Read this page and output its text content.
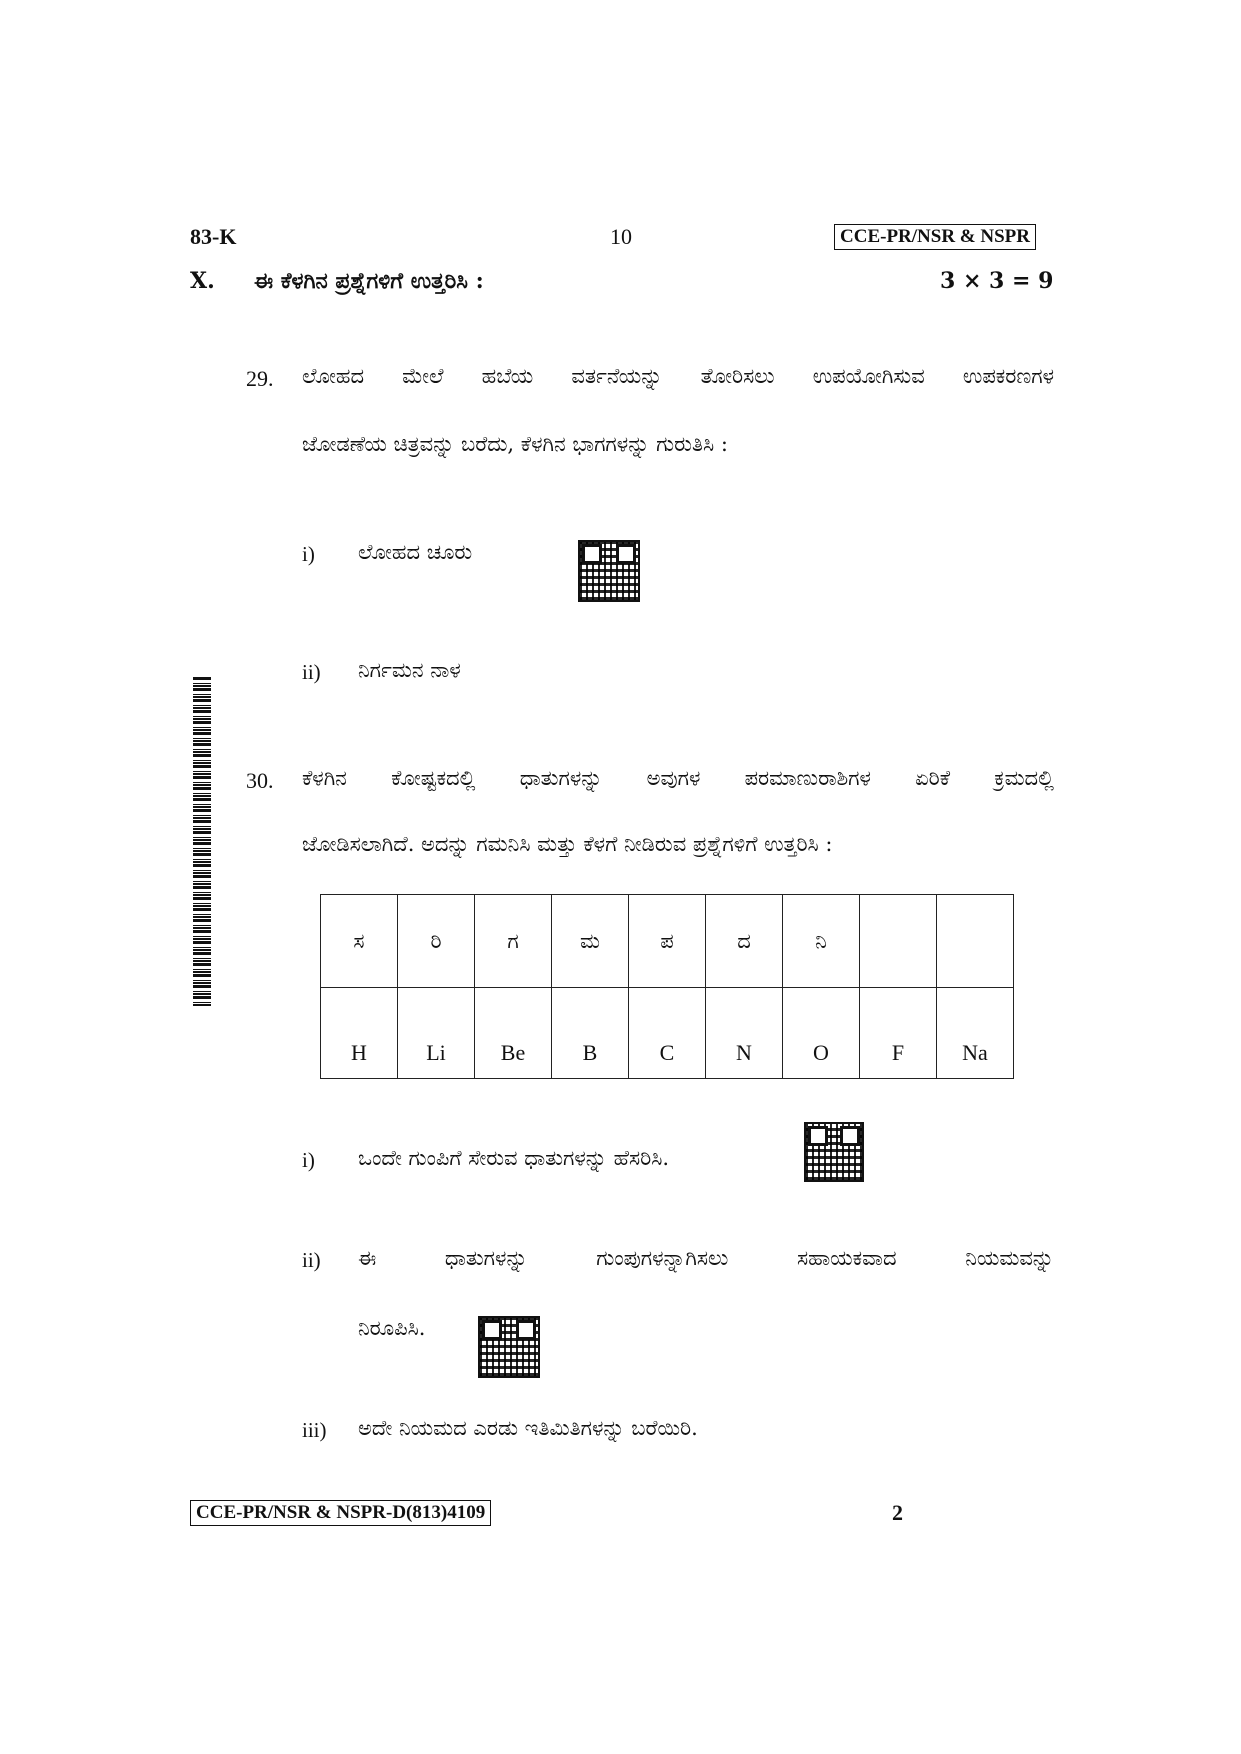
83-K	10	CCE-PR/NSR & NSPR
X. ಈ ಕೆಳಗಿನ ಪ್ರಶ್ನೆಗಳಿಗೆ ಉತ್ತರಿಸಿ :	3 × 3 = 9
29. ಲೋಹದ ಮೇಲೆ ಹಬೆಯ ವರ್ತನೆಯನ್ನು ತೋರಿಸಲು ಉಪಯೋಗಿಸುವ ಉಪಕರಣಗಳ
ಜೋಡಣೆಯ ಚಿತ್ರವನ್ನು ಬರೆದು, ಕೆಳಗಿನ ಭಾಗಗಳನ್ನು ಗುರುತಿಸಿ :
i) ಲೋಹದ ಚೂರು
ii) ನಿರ್ಗಮನ ನಾಳ
30. ಕೆಳಗಿನ ಕೋಷ್ಟಕದಲ್ಲಿ ಧಾತುಗಳನ್ನು ಅವುಗಳ ಪರಮಾಣುರಾಶಿಗಳ ಏರಿಕೆ ಕ್ರಮದಲ್ಲಿ
ಜೋಡಿಸಲಾಗಿದೆ. ಅದನ್ನು ಗಮನಿಸಿ ಮತ್ತು ಕೆಳಗೆ ನೀಡಿರುವ ಪ್ರಶ್ನೆಗಳಿಗೆ ಉತ್ತರಿಸಿ :
ಸ	ರಿ	ಗ	ಮ	ಪ	ದ	ನಿ		
H	Li	Be	B	C	N	O	F	Na
i) ಒಂದೇ ಗುಂಪಿಗೆ ಸೇರುವ ಧಾತುಗಳನ್ನು ಹೆಸರಿಸಿ.
ii) ಈ ಧಾತುಗಳನ್ನು ಗುಂಪುಗಳನ್ನಾಗಿಸಲು ಸಹಾಯಕವಾದ ನಿಯಮವನ್ನು
ನಿರೂಪಿಸಿ.
iii) ಅದೇ ನಿಯಮದ ಎರಡು ಇತಿಮಿತಿಗಳನ್ನು ಬರೆಯಿರಿ.
CCE-PR/NSR & NSPR-D(813)4109	2
